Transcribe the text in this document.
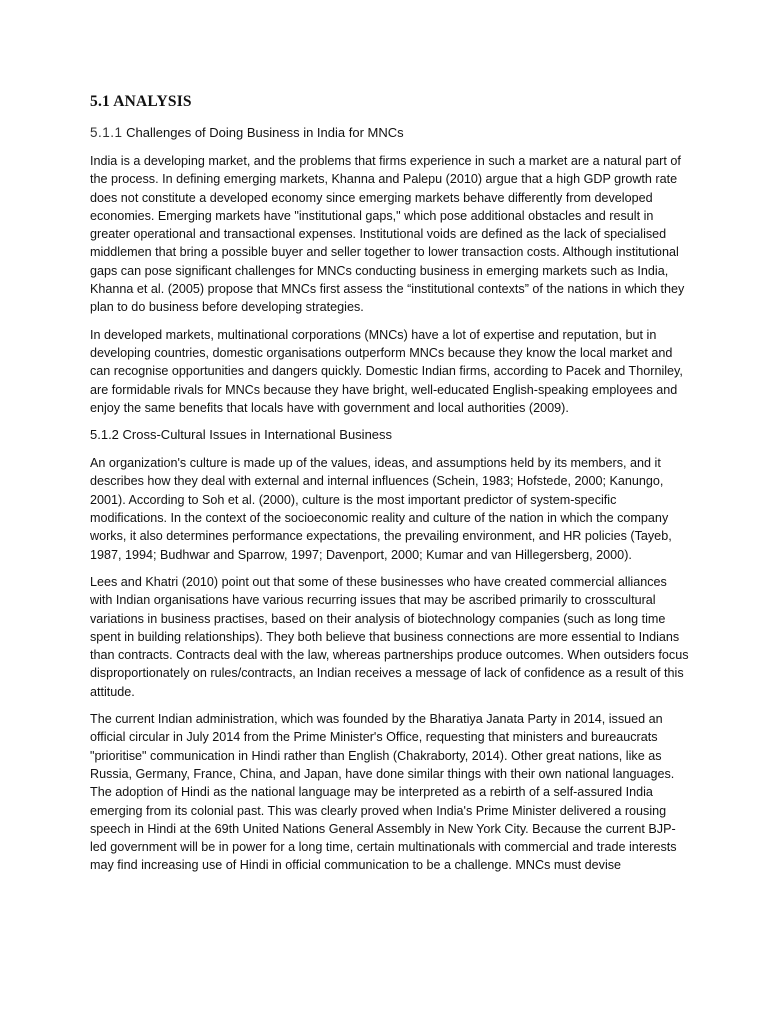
5.1 ANALYSIS
5.1.1 Challenges of Doing Business in India for MNCs

India is a developing market, and the problems that firms experience in such a market are a natural part of the process. In defining emerging markets, Khanna and Palepu (2010) argue that a high GDP growth rate does not constitute a developed economy since emerging markets behave differently from developed economies. Emerging markets have "institutional gaps," which pose additional obstacles and result in greater operational and transactional expenses. Institutional voids are defined as the lack of specialised middlemen that bring a possible buyer and seller together to lower transaction costs. Although institutional gaps can pose significant challenges for MNCs conducting business in emerging markets such as India, Khanna et al. (2005) propose that MNCs first assess the “institutional contexts” of the nations in which they plan to do business before developing strategies.

In developed markets, multinational corporations (MNCs) have a lot of expertise and reputation, but in developing countries, domestic organisations outperform MNCs because they know the local market and can recognise opportunities and dangers quickly. Domestic Indian firms, according to Pacek and Thorniley, are formidable rivals for MNCs because they have bright, well-educated English-speaking employees and enjoy the same benefits that locals have with government and local authorities (2009).

5.1.2 Cross-Cultural Issues in International Business

An organization's culture is made up of the values, ideas, and assumptions held by its members, and it describes how they deal with external and internal influences (Schein, 1983; Hofstede, 2000; Kanungo, 2001). According to Soh et al. (2000), culture is the most important predictor of system-specific modifications. In the context of the socioeconomic reality and culture of the nation in which the company works, it also determines performance expectations, the prevailing environment, and HR policies (Tayeb, 1987, 1994; Budhwar and Sparrow, 1997; Davenport, 2000; Kumar and van Hillegersberg, 2000).

Lees and Khatri (2010) point out that some of these businesses who have created commercial alliances with Indian organisations have various recurring issues that may be ascribed primarily to crosscultural variations in business practises, based on their analysis of biotechnology companies (such as long time spent in building relationships). They both believe that business connections are more essential to Indians than contracts. Contracts deal with the law, whereas partnerships produce outcomes. When outsiders focus disproportionately on rules/contracts, an Indian receives a message of lack of confidence as a result of this attitude.

The current Indian administration, which was founded by the Bharatiya Janata Party in 2014, issued an official circular in July 2014 from the Prime Minister's Office, requesting that ministers and bureaucrats "prioritise" communication in Hindi rather than English (Chakraborty, 2014). Other great nations, like as Russia, Germany, France, China, and Japan, have done similar things with their own national languages. The adoption of Hindi as the national language may be interpreted as a rebirth of a self-assured India emerging from its colonial past. This was clearly proved when India's Prime Minister delivered a rousing speech in Hindi at the 69th United Nations General Assembly in New York City. Because the current BJP-led government will be in power for a long time, certain multinationals with commercial and trade interests may find increasing use of Hindi in official communication to be a challenge. MNCs must devise
